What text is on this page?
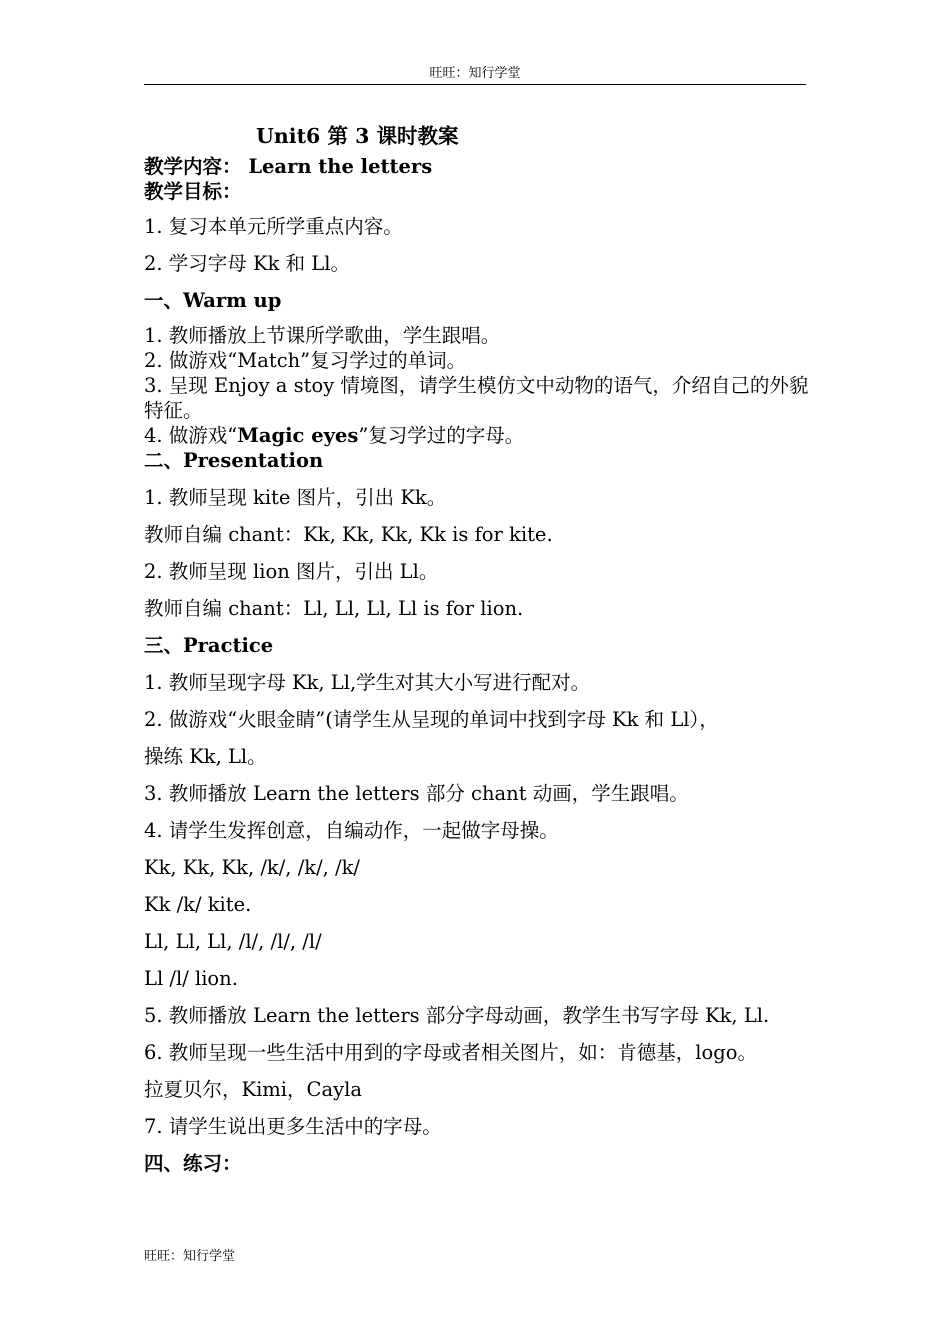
旺旺：知行学堂

Unit6 第 3 课时教案

教学内容： Learn the letters

教学目标：

1. 复习本单元所学重点内容。

2. 学习字母 Kk 和 Ll。

一、Warm up

1. 教师播放上节课所学歌曲，学生跟唱。

2. 做游戏“Match”复习学过的单词。

3. 呈现 Enjoy a stoy 情境图，请学生模仿文中动物的语气，介绍自己的外貌特征。

4. 做游戏“Magic eyes”复习学过的字母。

二、Presentation

1. 教师呈现 kite 图片，引出 Kk。

教师自编 chant：Kk, Kk, Kk, Kk is for kite.

2. 教师呈现 lion 图片，引出 Ll。

教师自编 chant：Ll, Ll, Ll, Ll is for lion.

三、Practice

1. 教师呈现字母 Kk, Ll,学生对其大小写进行配对。

2. 做游戏“火眼金睛”(请学生从呈现的单词中找到字母 Kk 和 Ll），

操练 Kk, Ll。

3. 教师播放 Learn the letters 部分 chant 动画，学生跟唱。

4. 请学生发挥创意，自编动作，一起做字母操。

Kk, Kk, Kk, /k/, /k/, /k/

Kk /k/ kite.

Ll, Ll, Ll, /l/, /l/, /l/

Ll /l/ lion.

5. 教师播放 Learn the letters 部分字母动画，教学生书写字母 Kk, Ll.

6. 教师呈现一些生活中用到的字母或者相关图片，如：肯德基，logo。

拉夏贝尔，Kimi，Cayla

7. 请学生说出更多生活中的字母。

四、练习：

旺旺：知行学堂
